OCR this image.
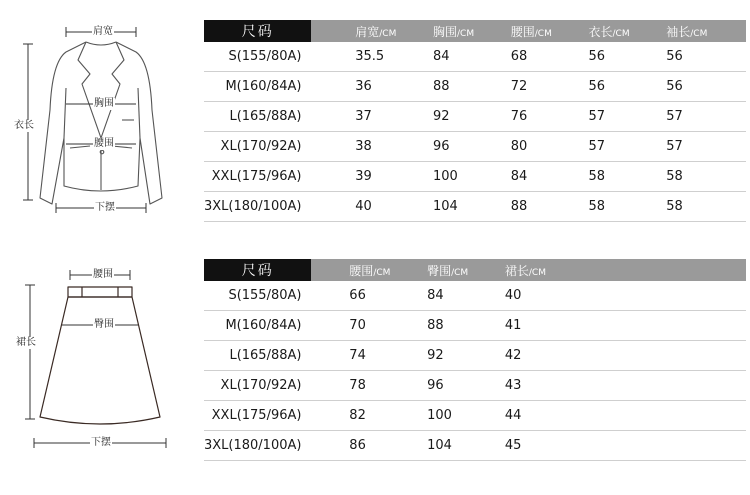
肩宽
胸围
腰围
下摆
衣长
尺码		肩宽/CM	胸围/CM	腰围/CM	衣长/CM	袖长/CM
S(155/80A)		35.5	84	68	56	56
M(160/84A)		36	88	72	56	56
L(165/88A)		37	92	76	57	57
XL(170/92A)		38	96	80	57	57
XXL(175/96A)		39	100	84	58	58
3XL(180/100A)		40	104	88	58	58
腰围
臀围
下摆
裙长
尺码		腰围/CM	臀围/CM	裙长/CM
S(155/80A)		66	84	40
M(160/84A)		70	88	41
L(165/88A)		74	92	42
XL(170/92A)		78	96	43
XXL(175/96A)		82	100	44
3XL(180/100A)		86	104	45
